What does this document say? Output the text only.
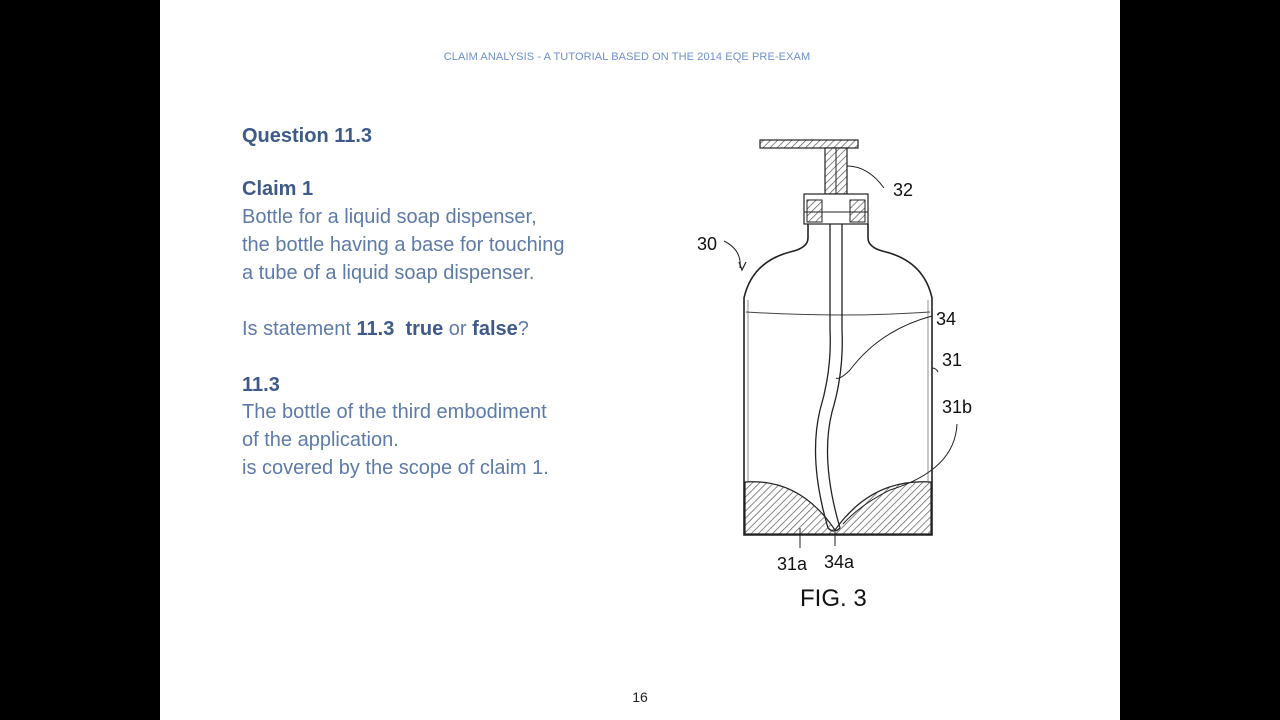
CLAIM ANALYSIS - A TUTORIAL BASED ON THE 2014 EQE PRE-EXAM
Question 11.3
Claim 1
Bottle for a liquid soap dispenser,
the bottle having a base for touching
a tube of a liquid soap dispenser.
Is statement 11.3 true or false?
11.3
The bottle of the third embodiment
of the application.
is covered by the scope of claim 1.
32
30
34
31
31b
31a 34a
FIG. 3
16
